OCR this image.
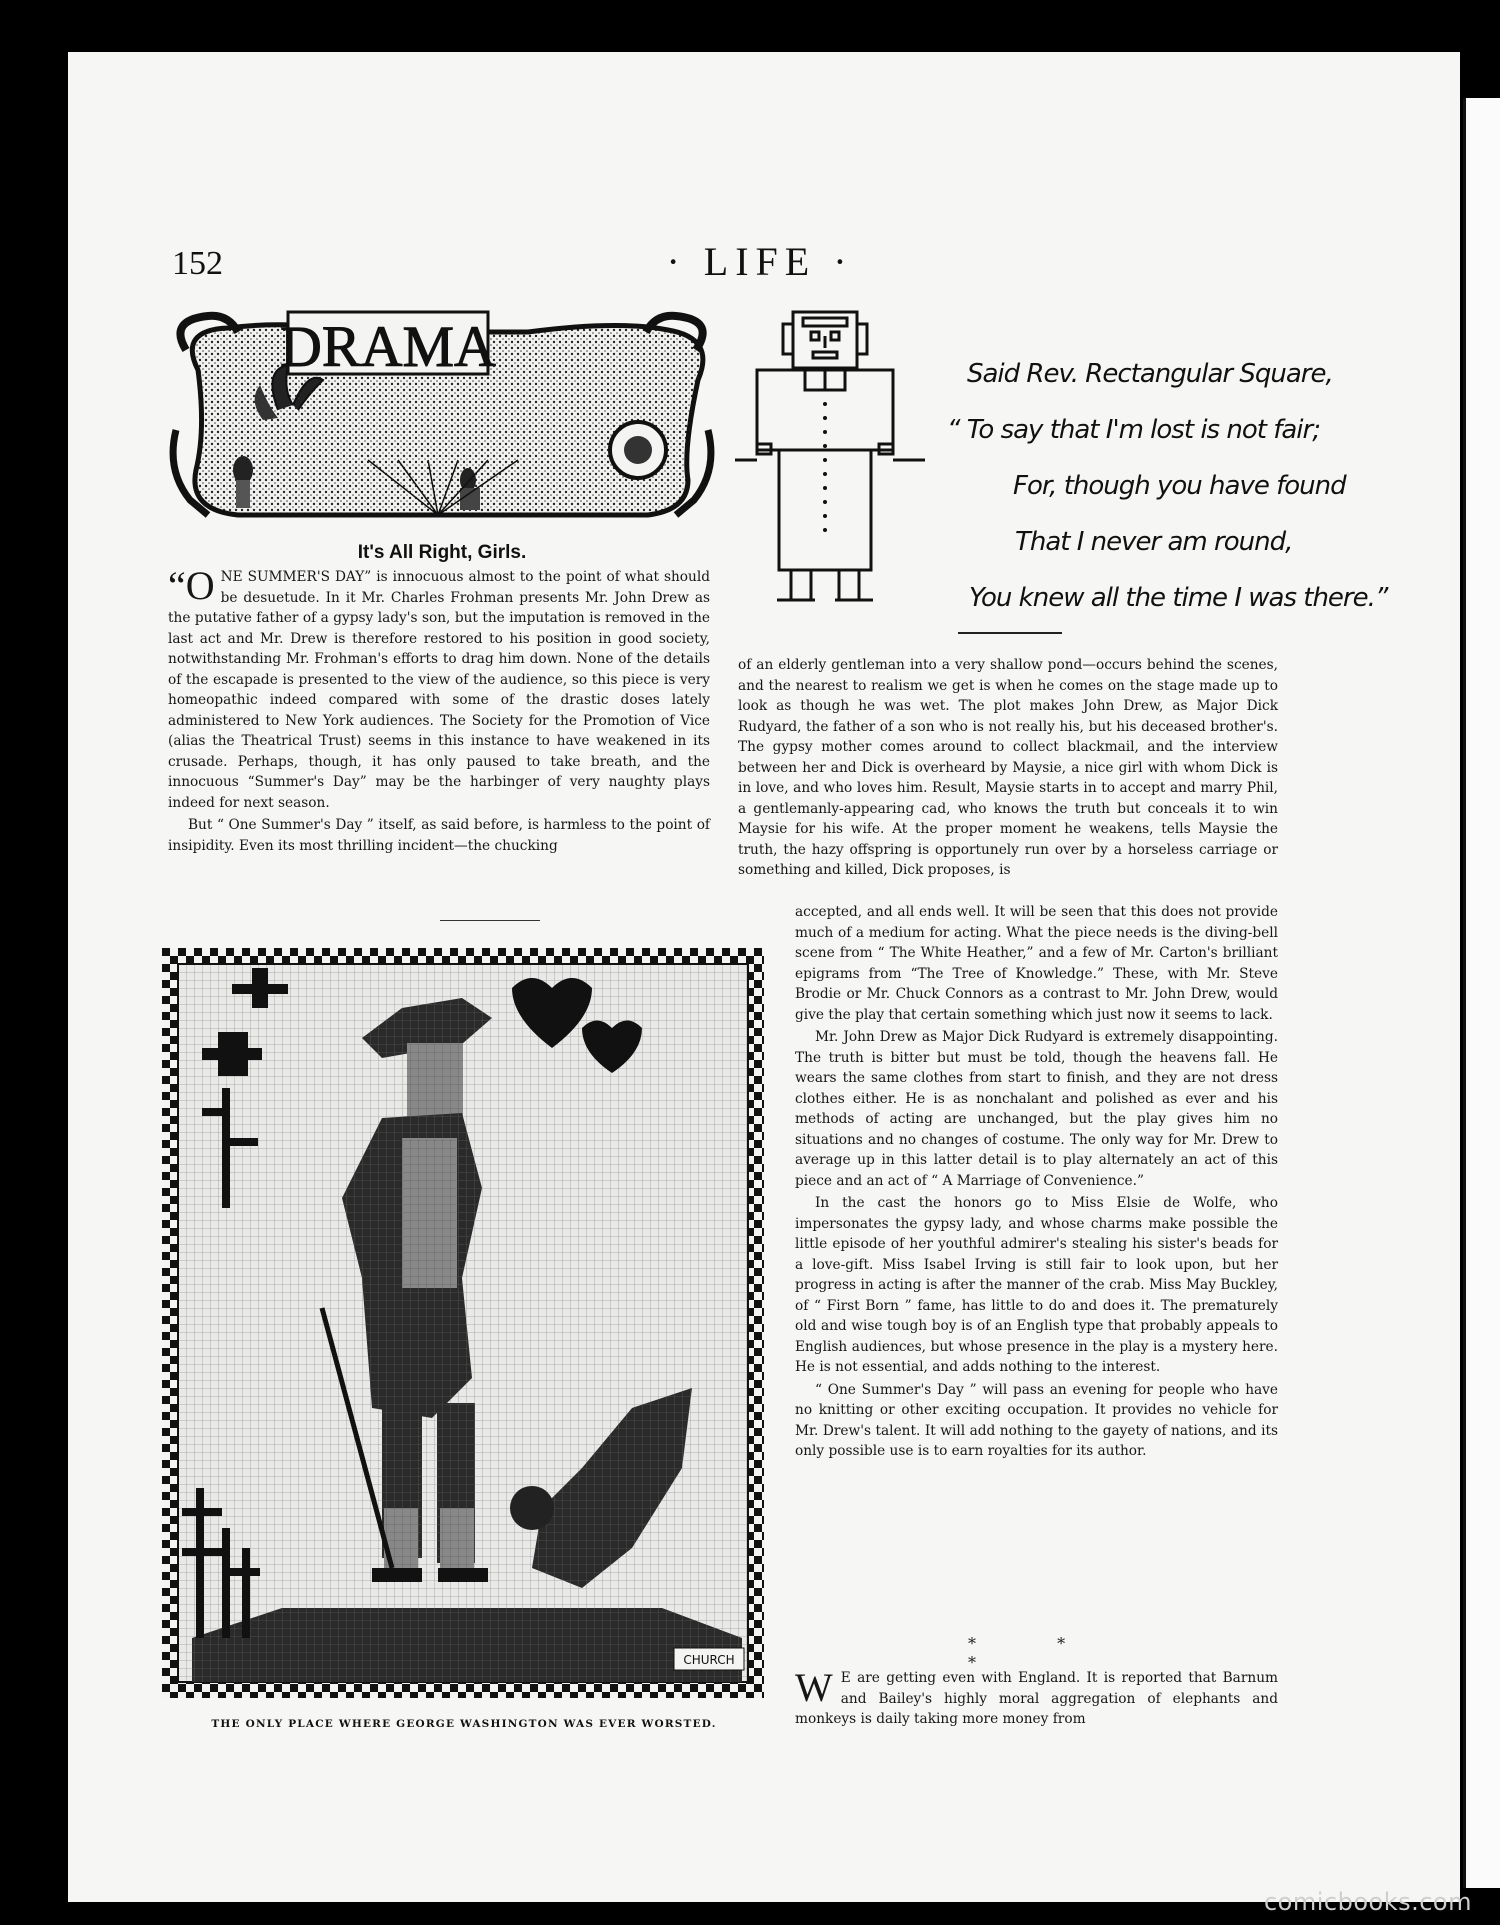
152	· LIFE ·
DRAMA	Said Rev. Rectangular Square,
“ To say that I'm lost is not fair;
For, though you have found
That I never am round,
You knew all the time I was there.”
It's All Right, Girls.

“ONE SUMMER'S DAY” is innocuous almost to the point of what should be desuetude. In it Mr. Charles Frohman presents Mr. John Drew as the putative father of a gypsy lady's son, but the imputation is removed in the last act and Mr. Drew is therefore restored to his position in good society, notwithstanding Mr. Frohman's efforts to drag him down. None of the details of the escapade is presented to the view of the audience, so this piece is very homeopathic indeed compared with some of the drastic doses lately administered to New York audiences. The Society for the Promotion of Vice (alias the Theatrical Trust) seems in this instance to have weakened in its crusade. Perhaps, though, it has only paused to take breath, and the innocuous “Summer's Day” may be the harbinger of very naughty plays indeed for next season.

But “ One Summer's Day ” itself, as said before, is harmless to the point of insipidity. Even its most thrilling incident—the chucking

of an elderly gentleman into a very shallow pond—occurs behind the scenes, and the nearest to realism we get is when he comes on the stage made up to look as though he was wet. The plot makes John Drew, as Major Dick Rudyard, the father of a son who is not really his, but his deceased brother's. The gypsy mother comes around to collect blackmail, and the interview between her and Dick is overheard by Maysie, a nice girl with whom Dick is in love, and who loves him. Result, Maysie starts in to accept and marry Phil, a gentlemanly-appearing cad, who knows the truth but conceals it to win Maysie for his wife. At the proper moment he weakens, tells Maysie the truth, the hazy offspring is opportunely run over by a horseless carriage or something and killed, Dick proposes, is

accepted, and all ends well. It will be seen that this does not provide much of a medium for acting. What the piece needs is the diving-bell scene from “ The White Heather,” and a few of Mr. Carton's brilliant epigrams from “The Tree of Knowledge.” These, with Mr. Steve Brodie or Mr. Chuck Connors as a contrast to Mr. John Drew, would give the play that certain something which just now it seems to lack.

Mr. John Drew as Major Dick Rudyard is extremely disappointing. The truth is bitter but must be told, though the heavens fall. He wears the same clothes from start to finish, and they are not dress clothes either. He is as nonchalant and polished as ever and his methods of acting are unchanged, but the play gives him no situations and no changes of costume. The only way for Mr. Drew to average up in this latter detail is to play alternately an act of this piece and an act of “ A Marriage of Convenience.”

In the cast the honors go to Miss Elsie de Wolfe, who impersonates the gypsy lady, and whose charms make possible the little episode of her youthful admirer's stealing his sister's beads for a love-gift. Miss Isabel Irving is still fair to look upon, but her progress in acting is after the manner of the crab. Miss May Buckley, of “ First Born ” fame, has little to do and does it. The prematurely old and wise tough boy is of an English type that probably appeals to English audiences, but whose presence in the play is a mystery here. He is not essential, and adds nothing to the interest.

“ One Summer's Day ” will pass an evening for people who have no knitting or other exciting occupation. It provides no vehicle for Mr. Drew's talent. It will add nothing to the gayety of nations, and its only possible use is to earn royalties for its author.

* * *

W E are getting even with England. It is reported that Barnum and Bailey's highly moral aggregation of elephants and monkeys is daily taking more money from

CHURCH
THE ONLY PLACE WHERE GEORGE WASHINGTON WAS EVER WORSTED.
comicbooks.com
